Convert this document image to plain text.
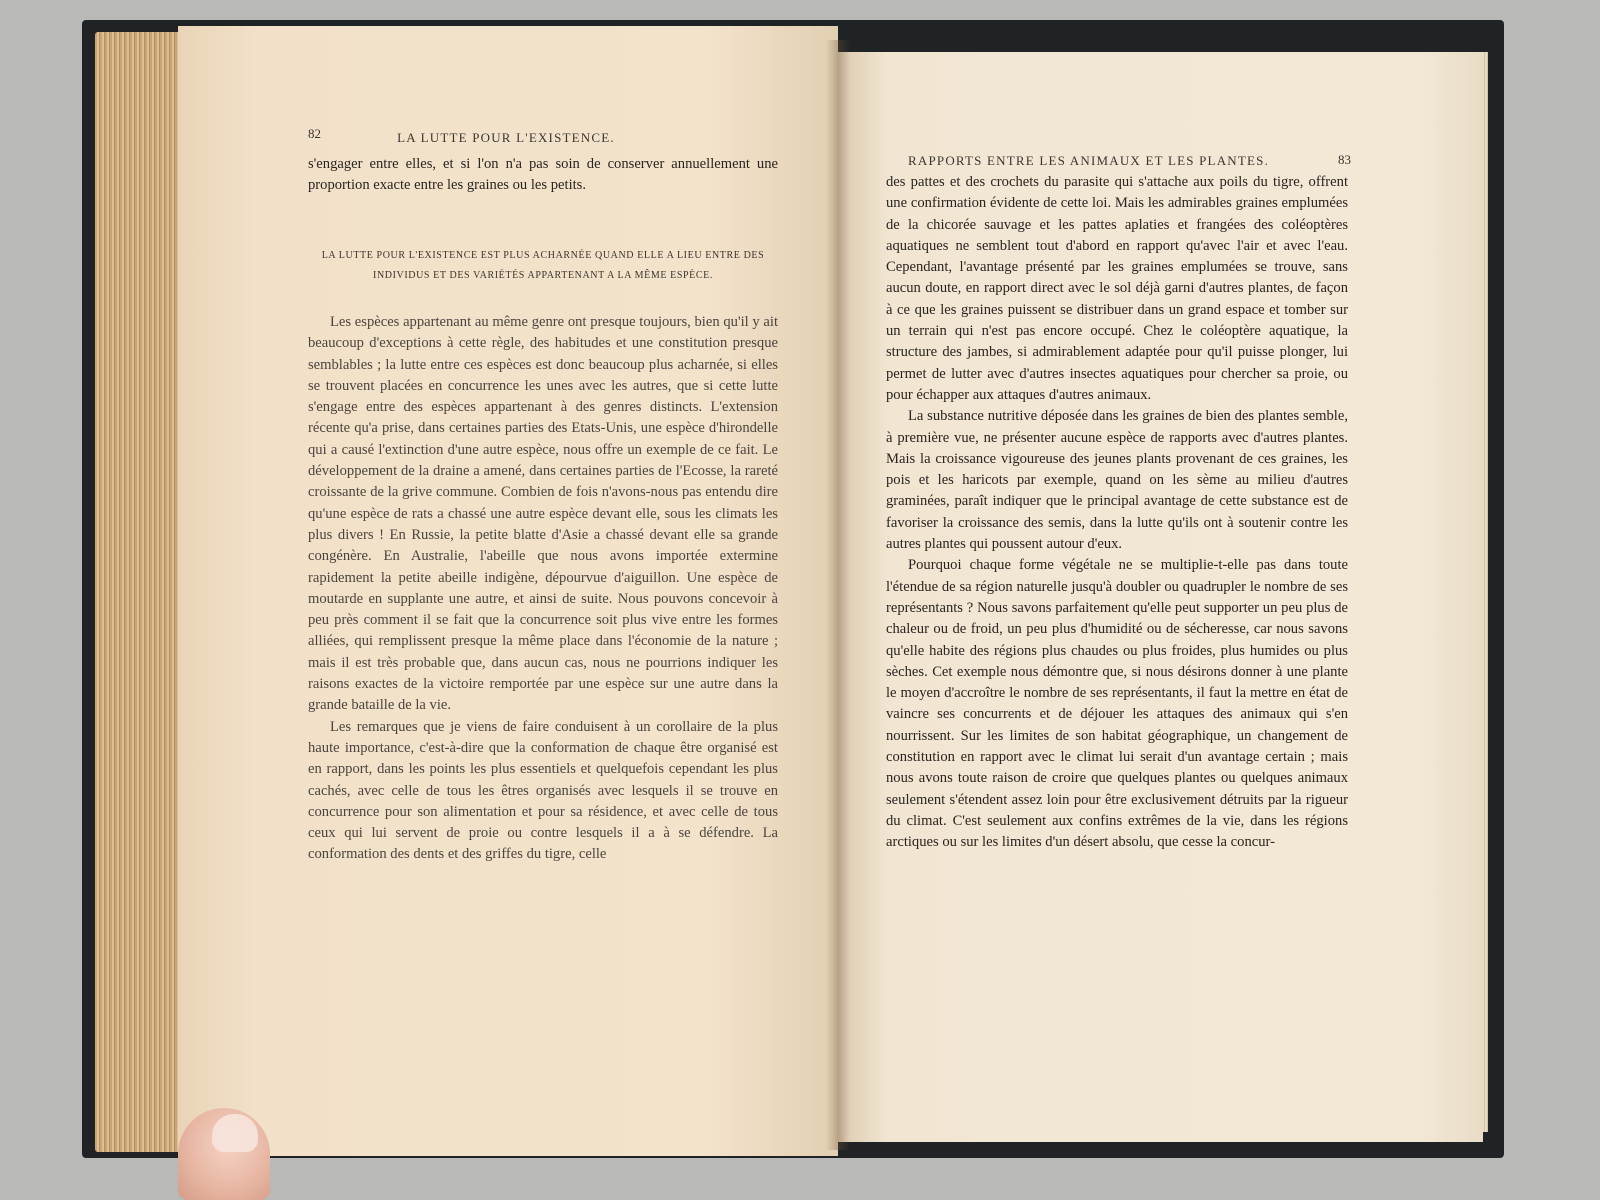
82	LA LUTTE POUR L'EXISTENCE.

s'engager entre elles, et si l'on n'a pas soin de conserver annuellement une proportion exacte entre les graines ou les petits.

LA LUTTE POUR L'EXISTENCE EST PLUS ACHARNÉE QUAND ELLE A LIEU ENTRE DES INDIVIDUS ET DES VARIÉTÉS APPARTENANT A LA MÊME ESPÈCE.

Les espèces appartenant au même genre ont presque toujours, bien qu'il y ait beaucoup d'exceptions à cette règle, des habitudes et une constitution presque semblables ; la lutte entre ces espèces est donc beaucoup plus acharnée, si elles se trouvent placées en concurrence les unes avec les autres, que si cette lutte s'engage entre des espèces appartenant à des genres distincts. L'extension récente qu'a prise, dans certaines parties des Etats-Unis, une espèce d'hirondelle qui a causé l'extinction d'une autre espèce, nous offre un exemple de ce fait. Le développement de la draine a amené, dans certaines parties de l'Ecosse, la rareté croissante de la grive commune. Combien de fois n'avons-nous pas entendu dire qu'une espèce de rats a chassé une autre espèce devant elle, sous les climats les plus divers ! En Russie, la petite blatte d'Asie a chassé devant elle sa grande congénère. En Australie, l'abeille que nous avons importée extermine rapidement la petite abeille indigène, dépourvue d'aiguillon. Une espèce de moutarde en supplante une autre, et ainsi de suite. Nous pouvons concevoir à peu près comment il se fait que la concurrence soit plus vive entre les formes alliées, qui remplissent presque la même place dans l'économie de la nature ; mais il est très probable que, dans aucun cas, nous ne pourrions indiquer les raisons exactes de la victoire remportée par une espèce sur une autre dans la grande bataille de la vie.

Les remarques que je viens de faire conduisent à un corollaire de la plus haute importance, c'est-à-dire que la conformation de chaque être organisé est en rapport, dans les points les plus essentiels et quelquefois cependant les plus cachés, avec celle de tous les êtres organisés avec lesquels il se trouve en concurrence pour son alimentation et pour sa résidence, et avec celle de tous ceux qui lui servent de proie ou contre lesquels il a à se défendre. La conformation des dents et des griffes du tigre, celle

RAPPORTS ENTRE LES ANIMAUX ET LES PLANTES.	83

des pattes et des crochets du parasite qui s'attache aux poils du tigre, offrent une confirmation évidente de cette loi. Mais les admirables graines emplumées de la chicorée sauvage et les pattes aplaties et frangées des coléoptères aquatiques ne semblent tout d'abord en rapport qu'avec l'air et avec l'eau. Cependant, l'avantage présenté par les graines emplumées se trouve, sans aucun doute, en rapport direct avec le sol déjà garni d'autres plantes, de façon à ce que les graines puissent se distribuer dans un grand espace et tomber sur un terrain qui n'est pas encore occupé. Chez le coléoptère aquatique, la structure des jambes, si admirablement adaptée pour qu'il puisse plonger, lui permet de lutter avec d'autres insectes aquatiques pour chercher sa proie, ou pour échapper aux attaques d'autres animaux.

La substance nutritive déposée dans les graines de bien des plantes semble, à première vue, ne présenter aucune espèce de rapports avec d'autres plantes. Mais la croissance vigoureuse des jeunes plants provenant de ces graines, les pois et les haricots par exemple, quand on les sème au milieu d'autres graminées, paraît indiquer que le principal avantage de cette substance est de favoriser la croissance des semis, dans la lutte qu'ils ont à soutenir contre les autres plantes qui poussent autour d'eux.

Pourquoi chaque forme végétale ne se multiplie-t-elle pas dans toute l'étendue de sa région naturelle jusqu'à doubler ou quadrupler le nombre de ses représentants ? Nous savons parfaitement qu'elle peut supporter un peu plus de chaleur ou de froid, un peu plus d'humidité ou de sécheresse, car nous savons qu'elle habite des régions plus chaudes ou plus froides, plus humides ou plus sèches. Cet exemple nous démontre que, si nous désirons donner à une plante le moyen d'accroître le nombre de ses représentants, il faut la mettre en état de vaincre ses concurrents et de déjouer les attaques des animaux qui s'en nourrissent. Sur les limites de son habitat géographique, un changement de constitution en rapport avec le climat lui serait d'un avantage certain ; mais nous avons toute raison de croire que quelques plantes ou quelques animaux seulement s'étendent assez loin pour être exclusivement détruits par la rigueur du climat. C'est seulement aux confins extrêmes de la vie, dans les régions arctiques ou sur les limites d'un désert absolu, que cesse la concur-
